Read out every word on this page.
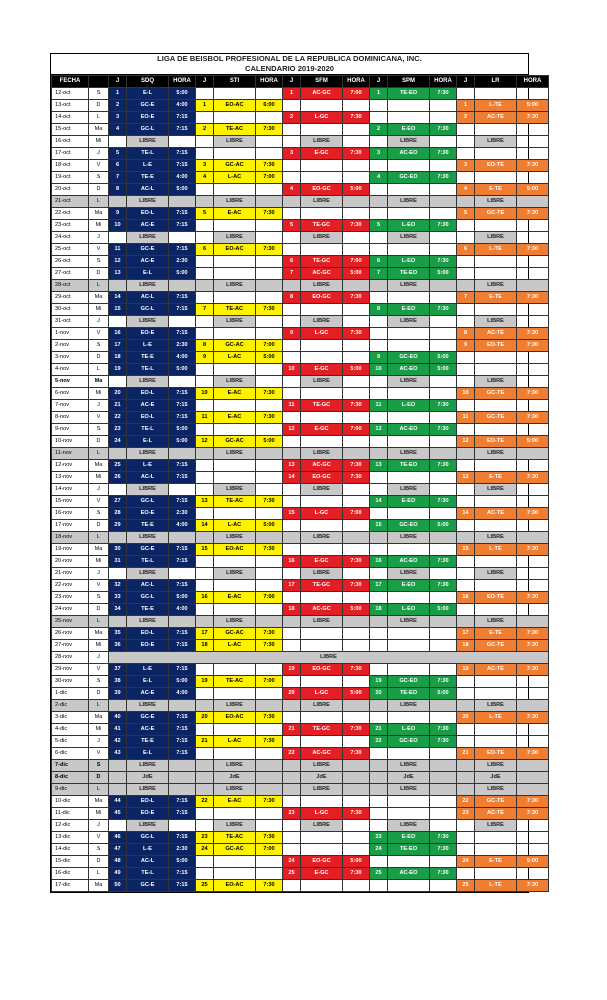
LIGA DE BEISBOL PROFESIONAL DE LA REPUBLICA DOMINICANA, INC.
CALENDARIO 2019-2020
FECHA		J	SDQ	HORA	J	STI	HORA	J	SFM	HORA	J	SPM	HORA	J	LR	HORA
12-oct	S	1	E-L	5:00				1	AC-GC	7:00	1	TE-EO	7:30			
13-oct	D	2	GC-E	4:00	1	EO-AC	6:00							1	L-TE	5:00
14-oct	L	3	EO-E	7:15				2	L-GC	7:30				2	AC-TE	7:30
15-oct	Ma	4	GC-L	7:15	2	TE-AC	7:30				2	E-EO	7:30			
16-oct	Mi		LIBRE			LIBRE			LIBRE			LIBRE			LIBRE	
17-oct	J	5	TE-L	7:15				3	E-GC	7:30	3	AC-EO	7:30			
18-oct	V	6	L-E	7:15	3	GC-AC	7:30							3	EO-TE	7:30
19-oct	S	7	TE-E	4:00	4	L-AC	7:00				4	GC-EO	7:30			
20-oct	D	8	AC-L	5:00				4	EO-GC	5:00				4	E-TE	5:00
21-oct	L		LIBRE			LIBRE			LIBRE			LIBRE			LIBRE	
22-oct	Ma	9	EO-L	7:15	5	E-AC	7:30							5	GC-TE	7:30
23-oct	Mi	10	AC-E	7:15				5	TE-GC	7:30	5	L-EO	7:30			
24-oct	J		LIBRE			LIBRE			LIBRE			LIBRE			LIBRE	
25-oct	V	11	GC-E	7:15	6	EO-AC	7:30							6	L-TE	7:30
26-oct	S	12	AC-E	2:30				6	TE-GC	7:00	6	L-EO	7:30			
27-oct	D	13	E-L	5:00				7	AC-GC	5:00	7	TE-EO	5:00			
28-oct	L		LIBRE			LIBRE			LIBRE			LIBRE			LIBRE	
29-oct	Ma	14	AC-L	7:15				8	EO-GC	7:30				7	E-TE	7:30
30-oct	Mi	15	GC-L	7:15	7	TE-AC	7:30				8	E-EO	7:30			
31-oct	J		LIBRE			LIBRE			LIBRE			LIBRE			LIBRE	
1-nov	V	16	EO-E	7:15				9	L-GC	7:30				8	AC-TE	7:30
2-nov	S	17	L-E	2:30	8	GC-AC	7:00							9	EO-TE	7:30
3-nov	D	18	TE-E	4:00	9	L-AC	5:00				9	GC-EO	5:00			
4-nov	L	19	TE-L	5:00				10	E-GC	5:00	10	AC-EO	5:00			
5-nov	Ma		LIBRE			LIBRE			LIBRE			LIBRE			LIBRE	
6-nov	Mi	20	EO-L	7:15	10	E-AC	7:30							10	GC-TE	7:30
7-nov	J	21	AC-E	7:15				11	TE-GC	7:30	11	L-EO	7:30			
8-nov	V	22	EO-L	7:15	11	E-AC	7:30							11	GC-TE	7:30
9-nov	S	23	TE-L	5:00				12	E-GC	7:00	12	AC-EO	7:30			
10-nov	D	24	E-L	5:00	12	GC-AC	5:00							12	EO-TE	5:00
11-nov	L		LIBRE			LIBRE			LIBRE			LIBRE			LIBRE	
12-nov	Ma	25	L-E	7:15				13	AC-GC	7:30	13	TE-EO	7:30			
13-nov	Mi	26	AC-L	7:15				14	EO-GC	7:30				13	E-TE	7:30
14-nov	J		LIBRE			LIBRE			LIBRE			LIBRE			LIBRE	
15-nov	V	27	GC-L	7:15	13	TE-AC	7:30				14	E-EO	7:30			
16-nov	S	28	EO-E	2:30				15	L-GC	7:00				14	AC-TE	7:30
17-nov	D	29	TE-E	4:00	14	L-AC	5:00				15	GC-EO	5:00			
18-nov	L		LIBRE			LIBRE			LIBRE			LIBRE			LIBRE	
19-nov	Ma	30	GC-E	7:15	15	EO-AC	7:30							15	L-TE	7:30
20-nov	Mi	31	TE-L	7:15				16	E-GC	7:30	16	AC-EO	7:30			
21-nov	J		LIBRE			LIBRE			LIBRE			LIBRE			LIBRE	
22-nov	V	32	AC-L	7:15				17	TE-GC	7:30	17	E-EO	7:30			
23-nov	S	33	GC-L	5:00	16	E-AC	7:00							16	EO-TE	7:30
24-nov	D	34	TE-E	4:00				18	AC-GC	5:00	18	L-EO	5:00			
25-nov	L		LIBRE			LIBRE			LIBRE			LIBRE			LIBRE	
26-nov	Ma	35	EO-L	7:15	17	GC-AC	7:30							17	E-TE	7:30
27-nov	Mi	36	EO-E	7:15	18	L-AC	7:30							18	GC-TE	7:30
28-nov	J	LIBRE														
29-nov	V	37	L-E	7:15				19	EO-GC	7:30				19	AC-TE	7:30
30-nov	S	38	E-L	5:00	19	TE-AC	7:00				19	GC-EO	7:30			
1-dic	D	39	AC-E	4:00				20	L-GC	5:00	20	TE-EO	5:00			
2-dic	L		LIBRE			LIBRE			LIBRE			LIBRE			LIBRE	
3-dic	Ma	40	GC-E	7:15	20	EO-AC	7:30							20	L-TE	7:30
4-dic	Mi	41	AC-E	7:15				21	TE-GC	7:30	21	L-EO	7:30			
5-dic	J	42	TE-E	7:15	21	L-AC	7:30				22	GC-EO	7:30			
6-dic	V	43	E-L	7:15				22	AC-GC	7:30				21	EO-TE	7:30
7-dic	S		LIBRE			LIBRE			LIBRE			LIBRE			LIBRE	
8-dic	D		JdE			JdE			JdE			JdE			JdE	
9-dic	L		LIBRE			LIBRE			LIBRE			LIBRE			LIBRE	
10-dic	Ma	44	EO-L	7:15	22	E-AC	7:30							22	GC-TE	7:30
11-dic	Mi	45	EO-E	7:15				23	L-GC	7:30				23	AC-TE	7:30
12-dic	J		LIBRE			LIBRE			LIBRE			LIBRE			LIBRE	
13-dic	V	46	GC-L	7:15	23	TE-AC	7:30				23	E-EO	7:30			
14-dic	S	47	L-E	2:30	24	GC-AC	7:00				24	TE-EO	7:30			
15-dic	D	48	AC-L	5:00				24	EO-GC	5:00				24	E-TE	5:00
16-dic	L	49	TE-L	7:15				25	E-GC	7:30	25	AC-EO	7:30			
17-dic	Ma	50	GC-E	7:15	25	EO-AC	7:30							25	L-TE	7:30
